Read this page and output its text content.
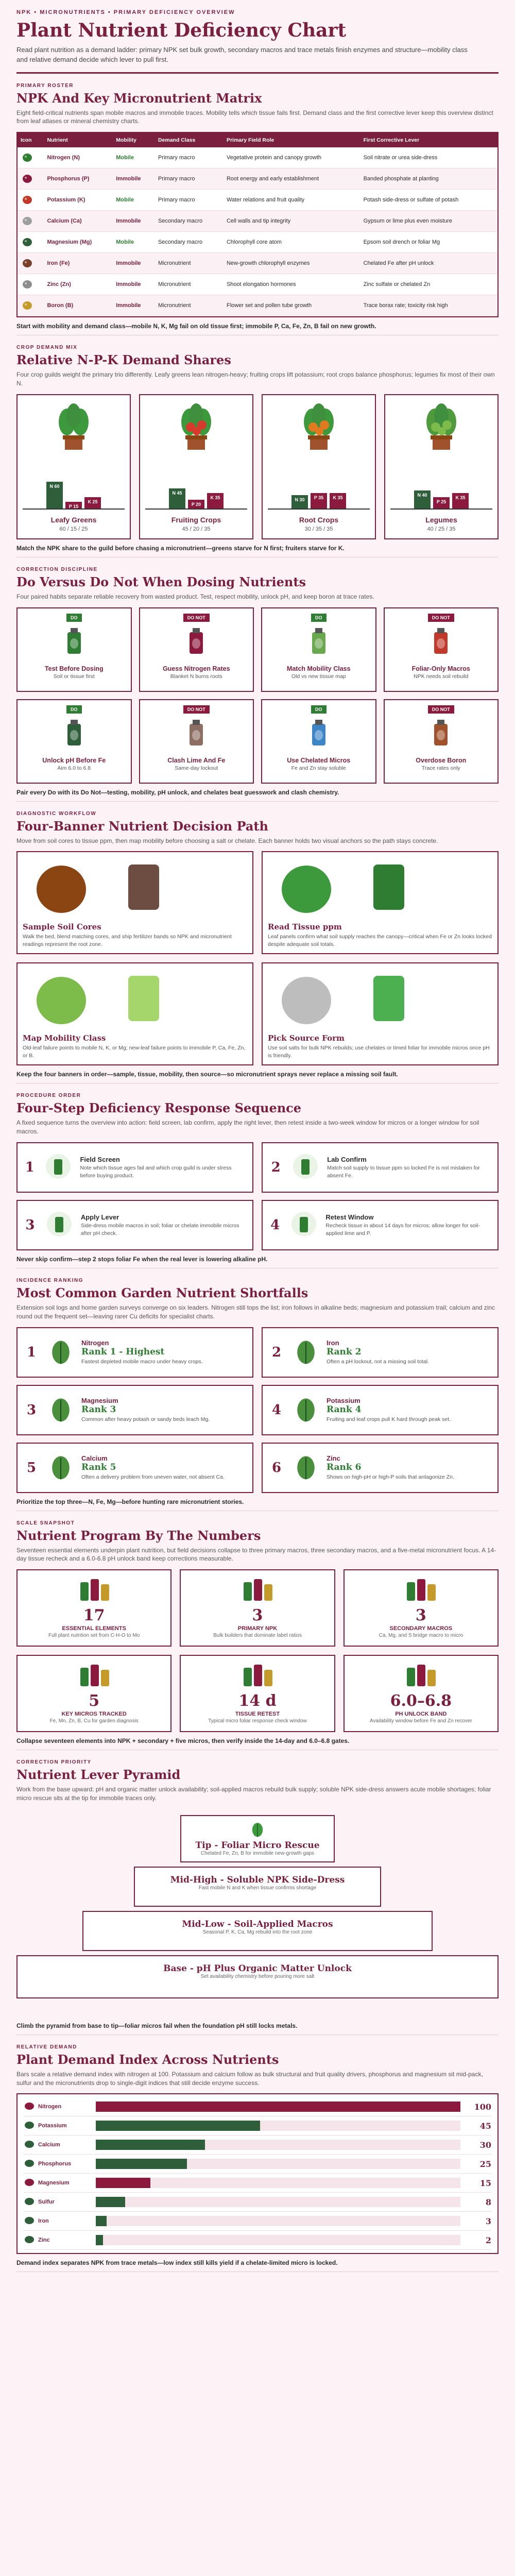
NPK • MICRONUTRIENTS • PRIMARY DEFICIENCY OVERVIEW
Plant Nutrient Deficiency Chart

Read plant nutrition as a demand ladder: primary NPK set bulk growth, secondary macros and trace metals finish enzymes and structure—mobility class and relative demand decide which lever to pull first.

PRIMARY ROSTER
NPK And Key Micronutrient Matrix

Eight field-critical nutrients span mobile macros and immobile traces. Mobility tells which tissue fails first. Demand class and the first corrective lever keep this overview distinct from leaf atlases or mineral chemistry charts.

Icon	Nutrient	Mobility	Demand Class	Primary Field Role	First Corrective Lever
	Nitrogen (N)	Mobile	Primary macro	Vegetative protein and canopy growth	Soil nitrate or urea side-dress
	Phosphorus (P)	Immobile	Primary macro	Root energy and early establishment	Banded phosphate at planting
	Potassium (K)	Mobile	Primary macro	Water relations and fruit quality	Potash side-dress or sulfate of potash
	Calcium (Ca)	Immobile	Secondary macro	Cell walls and tip integrity	Gypsum or lime plus even moisture
	Magnesium (Mg)	Mobile	Secondary macro	Chlorophyll core atom	Epsom soil drench or foliar Mg
	Iron (Fe)	Immobile	Micronutrient	New-growth chlorophyll enzymes	Chelated Fe after pH unlock
	Zinc (Zn)	Immobile	Micronutrient	Shoot elongation hormones	Zinc sulfate or chelated Zn
	Boron (B)	Immobile	Micronutrient	Flower set and pollen tube growth	Trace borax rate; toxicity risk high

Start with mobility and demand class—mobile N, K, Mg fail on old tissue first; immobile P, Ca, Fe, Zn, B fail on new growth.

CROP DEMAND MIX
Relative N-P-K Demand Shares

Four crop guilds weight the primary trio differently. Leafy greens lean nitrogen-heavy; fruiting crops lift potassium; root crops balance phosphorus; legumes fix most of their own N.

N 60
P 15
K 25
Leafy Greens
60 / 15 / 25
N 45
P 20
K 35
Fruiting Crops
45 / 20 / 35
N 30	P 35	K 35
Root Crops
30 / 35 / 35
N 40
P 25
K 35
Legumes
40 / 25 / 35

Match the NPK share to the guild before chasing a micronutrient—greens starve for N first; fruiters starve for K.

CORRECTION DISCIPLINE
Do Versus Do Not When Dosing Nutrients

Four paired habits separate reliable recovery from wasted product. Test, respect mobility, unlock pH, and keep boron at trace rates.

DO
Test Before Dosing
Soil or tissue first
DO NOT
Guess Nitrogen Rates
Blanket N burns roots
DO
Match Mobility Class
Old vs new tissue map
DO NOT
Foliar-Only Macros
NPK needs soil rebuild
DO
Unlock pH Before Fe
Aim 6.0 to 6.8
DO NOT
Clash Lime And Fe
Same-day lockout
DO
Use Chelated Micros
Fe and Zn stay soluble
DO NOT
Overdose Boron
Trace rates only

Pair every Do with its Do Not—testing, mobility, pH unlock, and chelates beat guesswork and clash chemistry.

DIAGNOSTIC WORKFLOW
Four-Banner Nutrient Decision Path

Move from soil cores to tissue ppm, then map mobility before choosing a salt or chelate. Each banner holds two visual anchors so the path stays concrete.

Sample Soil Cores
Walk the bed, blend matching cores, and ship fertilizer bands so NPK and micronutrient readings represent the root zone.
Read Tissue ppm
Leaf panels confirm what soil supply reaches the canopy—critical when Fe or Zn looks locked despite adequate soil totals.
Map Mobility Class
Old-leaf failure points to mobile N, K, or Mg; new-leaf failure points to immobile P, Ca, Fe, Zn, or B.
Pick Source Form
Use soil salts for bulk NPK rebuilds; use chelates or timed foliar for immobile micros once pH is friendly.

Keep the four banners in order—sample, tissue, mobility, then source—so micronutrient sprays never replace a missing soil fault.

PROCEDURE ORDER
Four-Step Deficiency Response Sequence

A fixed sequence turns the overview into action: field screen, lab confirm, apply the right lever, then retest inside a two-week window for micros or a longer window for soil macros.

1
Field Screen
Note which tissue ages fail and which crop guild is under stress before buying product.
2
Lab Confirm
Match soil supply to tissue ppm so locked Fe is not mistaken for absent Fe.
3
Apply Lever
Side-dress mobile macros in soil; foliar or chelate immobile micros after pH check.
4
Retest Window
Recheck tissue in about 14 days for micros; allow longer for soil-applied lime and P.

Never skip confirm—step 2 stops foliar Fe when the real lever is lowering alkaline pH.

INCIDENCE RANKING
Most Common Garden Nutrient Shortfalls

Extension soil logs and home garden surveys converge on six leaders. Nitrogen still tops the list; iron follows in alkaline beds; magnesium and potassium trail; calcium and zinc round out the frequent set—leaving rarer Cu deficits for specialist charts.

1
Nitrogen
Rank 1 - Highest
Fastest depleted mobile macro under heavy crops.
2
Iron
Rank 2
Often a pH lockout, not a missing soil total.
3
Magnesium
Rank 3
Common after heavy potash or sandy beds leach Mg.
4
Potassium
Rank 4
Fruiting and leaf crops pull K hard through peak set.
5
Calcium
Rank 5
Often a delivery problem from uneven water, not absent Ca.
6
Zinc
Rank 6
Shows on high-pH or high-P soils that antagonize Zn.

Prioritize the top three—N, Fe, Mg—before hunting rare micronutrient stories.

SCALE SNAPSHOT
Nutrient Program By The Numbers

Seventeen essential elements underpin plant nutrition, but field decisions collapse to three primary macros, three secondary macros, and a five-metal micronutrient focus. A 14-day tissue recheck and a 6.0-6.8 pH unlock band keep corrections measurable.

17
ESSENTIAL ELEMENTS
Full plant nutrition set from C-H-O to Mo
3
PRIMARY NPK
Bulk builders that dominate label ratios
3
SECONDARY MACROS
Ca, Mg, and S bridge macro to micro
5
KEY MICROS TRACKED
Fe, Mn, Zn, B, Cu for garden diagnosis
14 d
TISSUE RETEST
Typical micro foliar response check window
6.0–6.8
PH UNLOCK BAND
Availability window before Fe and Zn recover

Collapse seventeen elements into NPK + secondary + five micros, then verify inside the 14-day and 6.0–6.8 gates.

CORRECTION PRIORITY
Nutrient Lever Pyramid

Work from the base upward: pH and organic matter unlock availability; soil-applied macros rebuild bulk supply; soluble NPK side-dress answers acute mobile shortages; foliar micro rescue sits at the tip for immobile traces only.

Tip - Foliar Micro Rescue
Chelated Fe, Zn, B for immobile new-growth gaps
Mid-High - Soluble NPK Side-Dress
Fast mobile N and K when tissue confirms shortage
Mid-Low - Soil-Applied Macros
Seasonal P, K, Ca, Mg rebuild into the root zone
Base - pH Plus Organic Matter Unlock
Set availability chemistry before pouring more salt

Climb the pyramid from base to tip—foliar micros fail when the foundation pH still locks metals.

RELATIVE DEMAND
Plant Demand Index Across Nutrients

Bars scale a relative demand index with nitrogen at 100. Potassium and calcium follow as bulk structural and fruit quality drivers, phosphorus and magnesium sit mid-pack, sulfur and the micronutrients drop to single-digit indices that still decide enzyme success.

Nitrogen	100
Potassium	45
Calcium	30
Phosphorus	25
Magnesium	15
Sulfur	8
Iron	3
Zinc	2

Demand index separates NPK from trace metals—low index still kills yield if a chelate-limited micro is locked.
